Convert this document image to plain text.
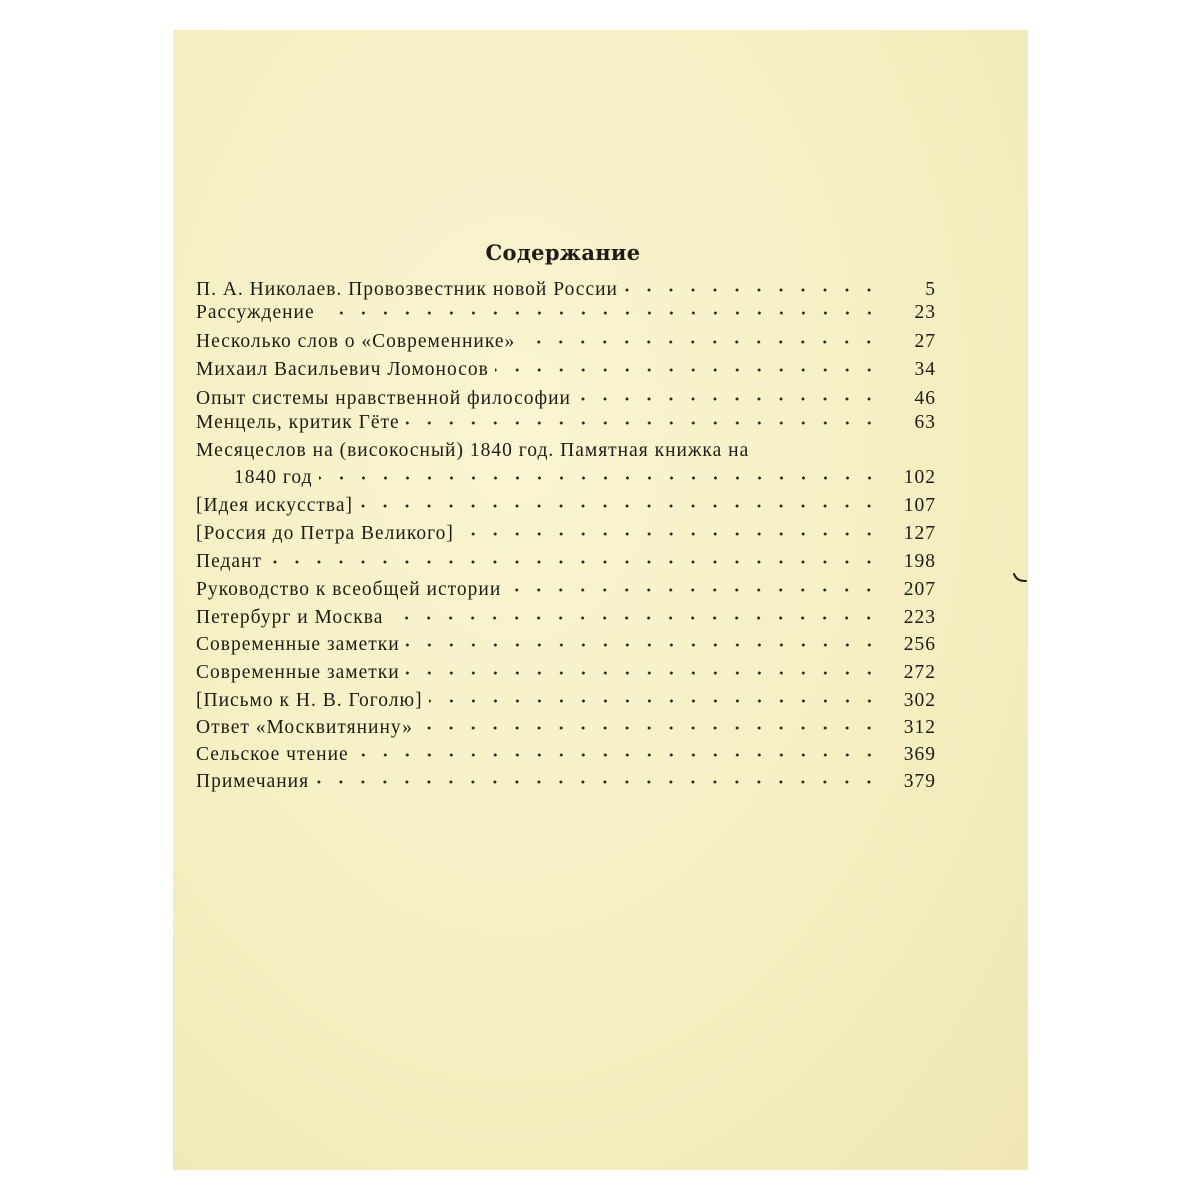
Содержание
П. А. Николаев. Провозвестник новой России	5
Рассуждение	23
Несколько слов о «Современнике»	27
Михаил Васильевич Ломоносов	34
Опыт системы нравственной философии	46
Менцель, критик Гёте	63
Месяцеслов на (високосный) 1840 год. Памятная книжка на
1840 год	102
[Идея искусства]	107
[Россия до Петра Великого]	127
Педант	198
Руководство к всеобщей истории	207
Петербург и Москва	223
Современные заметки	256
Современные заметки	272
[Письмо к Н. В. Гоголю]	302
Ответ «Москвитянину»	312
Сельское чтение	369
Примечания	379
